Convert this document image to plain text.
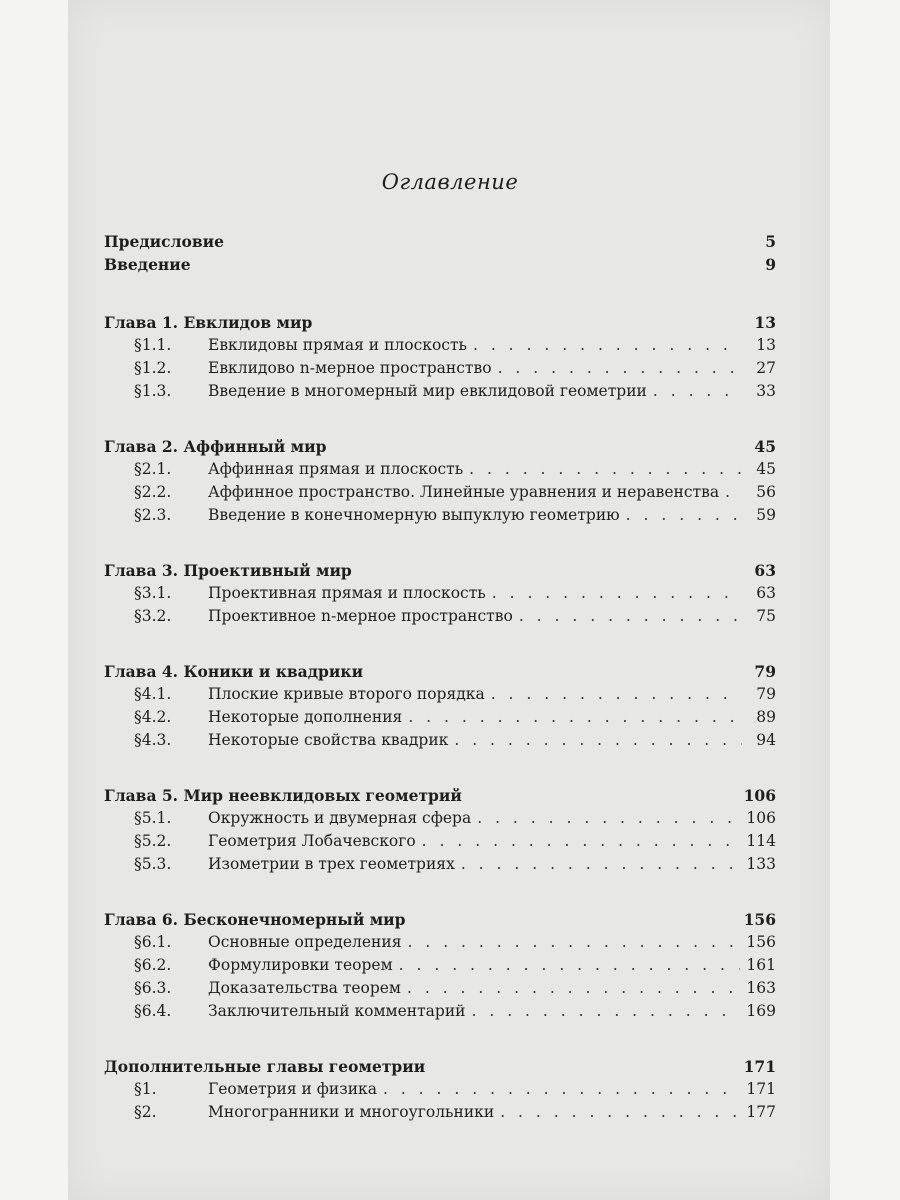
Оглавление
Предисловие	5
Введение	9
Глава 1. Евклидов мир	13
§1.1.	Евклидовы прямая и плоскость . . .	13
§1.2.	Евклидово n-мерное пространство . . .	27
§1.3.	Введение в многомерный мир евклидовой геометрии . . .	33
Глава 2. Аффинный мир	45
§2.1.	Аффинная прямая и плоскость . . .	45
§2.2.	Аффинное пространство. Линейные уравнения и неравенства . . .	56
§2.3.	Введение в конечномерную выпуклую геометрию . . .	59
Глава 3. Проективный мир	63
§3.1.	Проективная прямая и плоскость . . .	63
§3.2.	Проективное n-мерное пространство . . .	75
Глава 4. Коники и квадрики	79
§4.1.	Плоские кривые второго порядка . . .	79
§4.2.	Некоторые дополнения . . .	89
§4.3.	Некоторые свойства квадрик . . .	94
Глава 5. Мир неевклидовых геометрий	106
§5.1.	Окружность и двумерная сфера . . .	106
§5.2.	Геометрия Лобачевского . . .	114
§5.3.	Изометрии в трех геометриях . . .	133
Глава 6. Бесконечномерный мир	156
§6.1.	Основные определения . . .	156
§6.2.	Формулировки теорем . . .	161
§6.3.	Доказательства теорем . . .	163
§6.4.	Заключительный комментарий . . .	169
Дополнительные главы геометрии	171
§1.	Геометрия и физика . . .	171
§2.	Многогранники и многоугольники . . .	177
